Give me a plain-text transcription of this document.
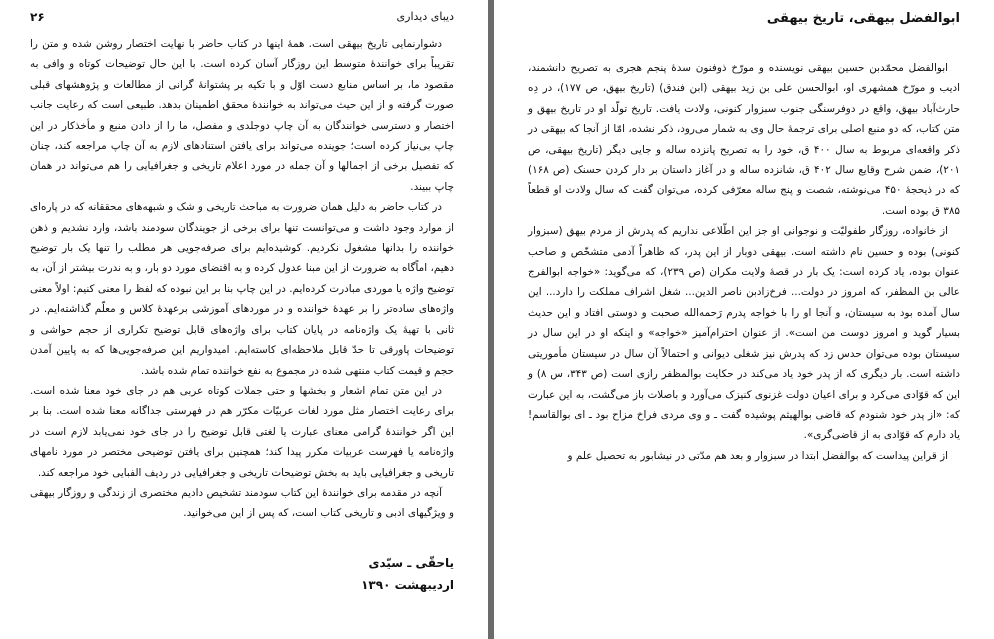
۲۶	دیبای دیداری

دشوارنمایی تاریخ بیهقی است. همهٔ اینها در کتاب حاضر با نهایت اختصار روشن شده و متن را تقریباً برای خوانندهٔ متوسط این روزگار آسان کرده است. با این حال توضیحات کوتاه و وافی به مقصود ما، بر اساس منابع دست اوّل و با تکیه بر پشتوانهٔ گرانی از مطالعات و پژوهشهای قبلی صورت گرفته و از این حیث می‌تواند به خوانندهٔ محقق اطمینان بدهد. طبیعی است که رعایت جانب اختصار و دسترسی خوانندگان به آن چاپ دوجلدی و مفصل، ما را از دادن منبع و مأخذکار در این چاپ بی‌نیاز کرده است؛ جوینده می‌تواند برای یافتن استنادهای لازم به آن چاپ مراجعه کند، چنان که تفصیل برخی از اجمالها و آن جمله در مورد اعلام تاریخی و جغرافیایی را هم می‌تواند در همان چاپ ببیند.

در کتاب حاضر به دلیل همان ضرورت به مباحث تاریخی و شک و شبهه‌های محققانه که در پاره‌ای از موارد وجود داشت و می‌توانست تنها برای برخی از جویندگان سودمند باشد، وارد نشدیم و ذهن خواننده را بدانها مشغول نکردیم. کوشیده‌ایم برای صرفه‌جویی هر مطلب را تنها یک بار توضیح دهیم، اماًگاه به ضرورت از این مبنا عدول کرده و به اقتضای مورد دو بار، و به ندرت بیشتر از آن، به توضیح واژه یا موردی مبادرت کرده‌ایم. در این چاپ بنا بر این نبوده که لفظ را معنی کنیم: اولاً معنی واژه‌های ساده‌تر را بر عهدهٔ خواننده و در موردهای آموزشی برعهدهٔ کلاس و معلّم گذاشته‌ایم. در ثانی با تهیهٔ یک واژه‌نامه در پایان کتاب برای واژه‌های قابل توضیح تکراری از حجم حواشی و توضیحات پاورقی تا حدّ قابل ملاحظه‌ای کاسته‌ایم. امیدواریم این صرفه‌جویی‌ها که به پایین آمدن حجم و قیمت کتاب منتهی شده در مجموع به نفع خواننده تمام شده باشد.

در این متن تمام اشعار و بخشها و حتی جملات کوتاه عربی هم در جای خود معنا شده است. برای رعایت اختصار مثل مورد لغات عربیّات مکرّر هم در فهرستی جداگانه معنا شده است. بنا بر این اگر خوانندهٔ گرامی معنای عبارت یا لغتی قابل توضیح را در جای خود نمی‌یابد لازم است در واژه‌نامه یا فهرست عربیات مکرر پیدا کند؛ همچنین برای یافتن توضیحی مختصر در مورد نامهای تاریخی و جغرافیایی باید به بخش توضیحات تاریخی و جغرافیایی در ردیف الفبایی خود مراجعه کند.

آنچه در مقدمه برای خوانندهٔ این کتاب سودمند تشخیص دادیم مختصری از زندگی و روزگار بیهقی و ویژگیهای ادبی و تاریخی کتاب است، که پس از این می‌خوانید.

یاحقّی ـ سیّدی
اردیبهشت ۱۳۹۰
ابوالفضل بیهقی، تاریخ بیهقی

ابوالفضل محمّدبن حسین بیهقی نویسنده و مورّخ ذوفنون سدهٔ پنجم هجری به تصریح دانشمند، ادیب و مورّخ همشهری او، ابوالحسن علی بن زید بیهقی (ابن فندق) (تاریخ بیهق، ص ۱۷۷)، در دِه حارث‌آباد بیهق، واقع در دوفرسنگی جنوب سبزوار کنونی، ولادت یافت. تاریخ تولّد او در تاریخ بیهق و متن کتاب، که دو منبع اصلی برای ترجمهٔ حال وی به شمار می‌رود، ذکر نشده، امّا از آنجا که بیهقی در ذکر واقعه‌ای مربوط به سال ۴۰۰ ق، خود را به تصریح پانزده ساله و جایی دیگر (تاریخ بیهقی، ص ۲۰۱)، ضمن شرح وقایع سال ۴۰۲ ق، شانزده ساله و در آغاز داستان بر دار کردن حسنک (ص ۱۶۸) که در ذیحجهٔ ۴۵۰ می‌نوشته، شصت و پنج ساله معرّفی کرده، می‌توان گفت که سال ولادت او قطعاً ۳۸۵ ق بوده است.

از خانواده، روزگار طفولیّت و نوجوانی او جز این اطّلاعی نداریم که پدرش از مردم بیهق (سبزوار کنونی) بوده و حسین نام داشته است. بیهقی دوبار از این پدر، که ظاهراً آدمی متشخّص و صاحب عنوان بوده، یاد کرده است: یک بار در قصهٔ ولایت مکران (ص ۲۳۹)، که می‌گوید: «خواجه ابوالفرج عالی بن المظفر، که امروز در دولت... فرخ‌زادبن ناصر الدین... شغل اشراف مملکت را دارد... این سال آمده بود به سیستان، و آنجا او را با خواجه پدرم رَحمه‌الله صحبت و دوستی افتاد و این حدیث بسیار گوید و امروز دوست من است». از عنوان احترام‌آمیز «خواجه» و اینکه او در این سال در سیستان بوده می‌توان حدس زد که پدرش نیز شغلی دیوانی و احتمالاً آن سال در سیستان مأموریتی داشته است. بار دیگری که از پدر خود یاد می‌کند در حکایت بوالمظفر رازی است (ص ۳۴۳، س ۸) و این که قوّادی می‌کرد و برای اعیان دولت غزنوی کنیزک می‌آورد و باصلات باز می‌گشت، به این عبارت که: «از پدر خود شنودم که قاضی بوالهیثم پوشیده گفت ـ و وی مردی فراخ مزاح بود ـ ای بوالقاسم! یاد دارم که قوّادی به از قاضی‌گری».

از قراین پیداست که بوالفضل ابتدا در سبزوار و بعد هم مدّتی در نیشابور به تحصیل علم و
